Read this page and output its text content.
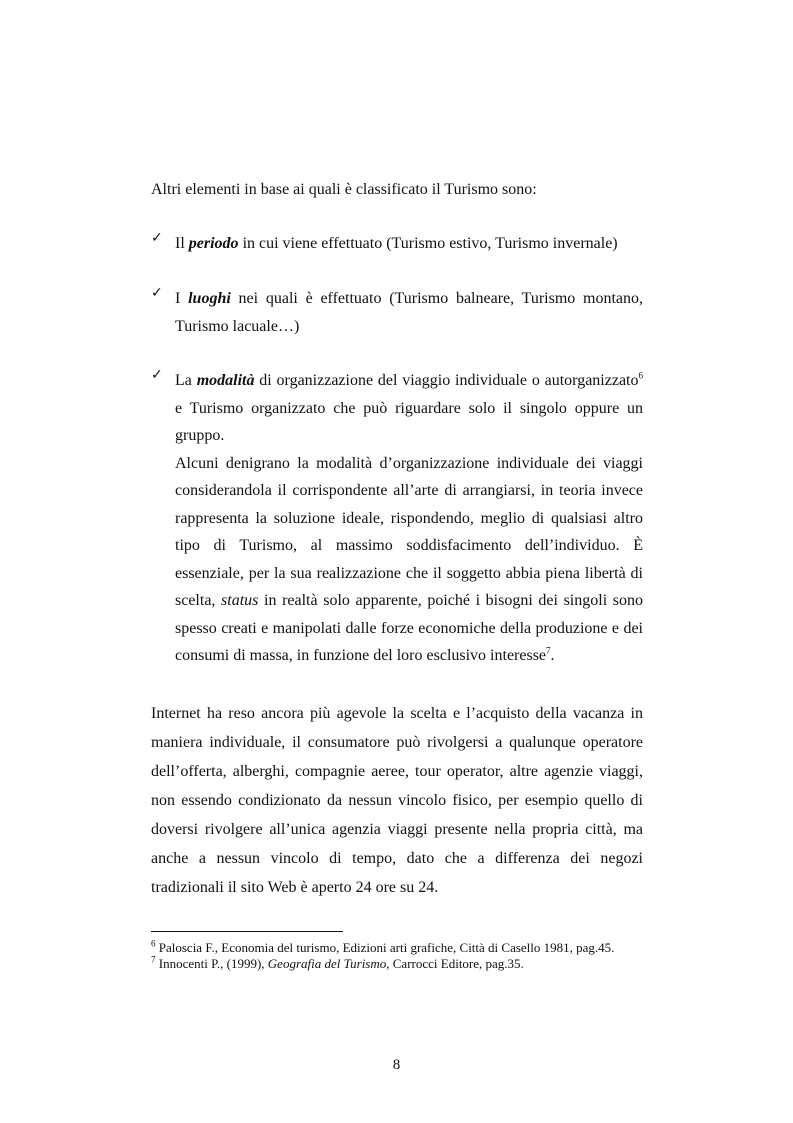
Altri elementi in base ai quali è classificato il Turismo sono:
✓ Il periodo in cui viene effettuato (Turismo estivo, Turismo invernale)
✓ I luoghi nei quali è effettuato (Turismo balneare, Turismo montano, Turismo lacuale…)
✓ La modalità di organizzazione del viaggio individuale o autorganizzato$^6$ e Turismo organizzato che può riguardare solo il singolo oppure un gruppo.

Alcuni denigrano la modalità d’organizzazione individuale dei viaggi considerandola il corrispondente all’arte di arrangiarsi, in teoria invece rappresenta la soluzione ideale, rispondendo, meglio di qualsiasi altro tipo di Turismo, al massimo soddisfacimento dell’individuo. È essenziale, per la sua realizzazione che il soggetto abbia piena libertà di scelta, status in realtà solo apparente, poiché i bisogni dei singoli sono spesso creati e manipolati dalle forze economiche della produzione e dei consumi di massa, in funzione del loro esclusivo interesse$^7$.

Internet ha reso ancora più agevole la scelta e l’acquisto della vacanza in maniera individuale, il consumatore può rivolgersi a qualunque operatore dell’offerta, alberghi, compagnie aeree, tour operator, altre agenzie viaggi, non essendo condizionato da nessun vincolo fisico, per esempio quello di doversi rivolgere all’unica agenzia viaggi presente nella propria città, ma anche a nessun vincolo di tempo, dato che a differenza dei negozi tradizionali il sito Web è aperto 24 ore su 24.
$^6$ Paloscia F., Economia del turismo, Edizioni arti grafiche, Città di Casello 1981, pag.45.
$^7$ Innocenti P., (1999), Geografia del Turismo, Carrocci Editore, pag.35.
8
